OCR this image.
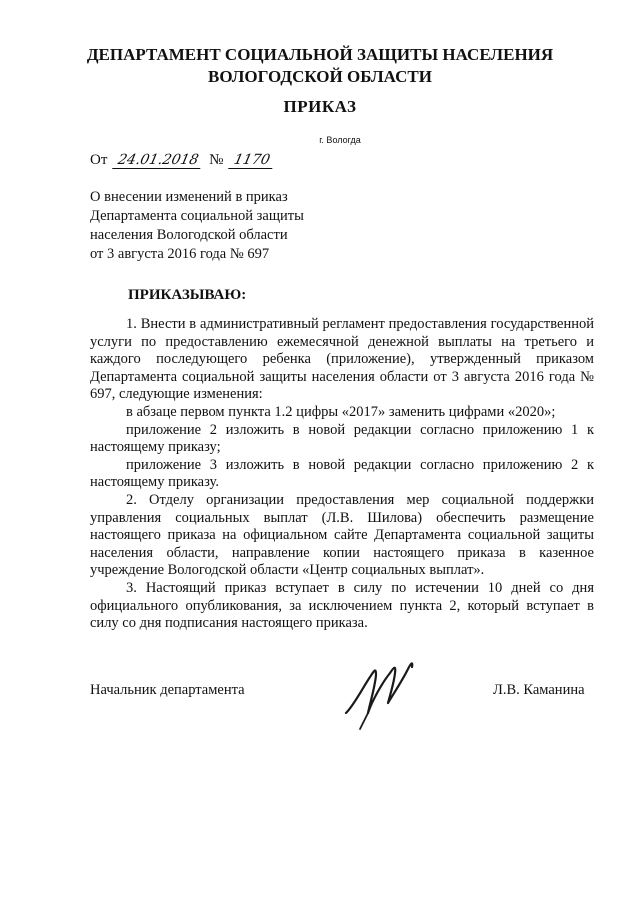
ДЕПАРТАМЕНТ СОЦИАЛЬНОЙ ЗАЩИТЫ НАСЕЛЕНИЯ
ВОЛОГОДСКОЙ ОБЛАСТИ
ПРИКАЗ
г. Вологда
От 24.01.2018 № 1170
О внесении изменений в приказ
Департамента социальной защиты
населения Вологодской области
от 3 августа 2016 года № 697
ПРИКАЗЫВАЮ:

1. Внести в административный регламент предоставления государственной услуги по предоставлению ежемесячной денежной выплаты на третьего и каждого последующего ребенка (приложение), утвержденный приказом Департамента социальной защиты населения области от 3 августа 2016 года № 697, следующие изменения:

в абзаце первом пункта 1.2 цифры «2017» заменить цифрами «2020»;

приложение 2 изложить в новой редакции согласно приложению 1 к настоящему приказу;

приложение 3 изложить в новой редакции согласно приложению 2 к настоящему приказу.

2. Отделу организации предоставления мер социальной поддержки управления социальных выплат (Л.В. Шилова) обеспечить размещение настоящего приказа на официальном сайте Департамента социальной защиты населения области, направление копии настоящего приказа в казенное учреждение Вологодской области «Центр социальных выплат».

3. Настоящий приказ вступает в силу по истечении 10 дней со дня официального опубликования, за исключением пункта 2, который вступает в силу со дня подписания настоящего приказа.

Начальник департамента	Л.В. Каманина
